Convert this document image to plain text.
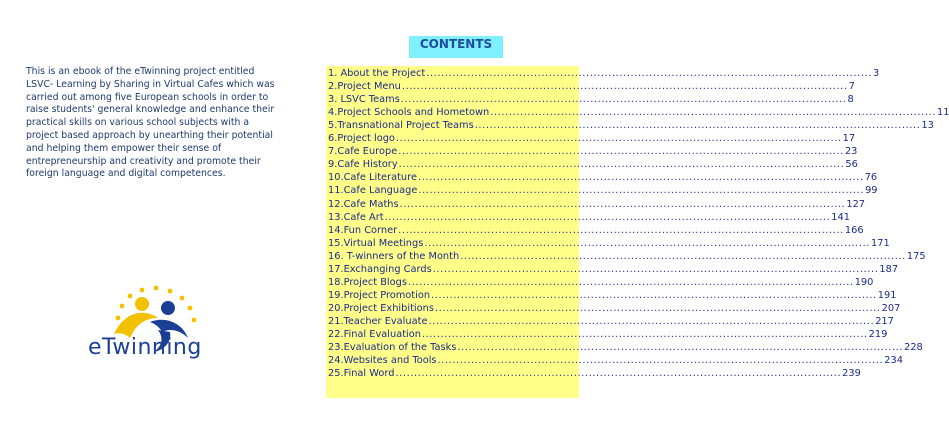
This is an ebook of the eTwinning project entitled LSVC- Learning by Sharing in Virtual Cafes which was carried out among five European schools in order to raise students' general knowledge and enhance their practical skills on various school subjects with a project based approach by unearthing their potential and helping them empower their sense of entrepreneurship and creativity and promote their foreign language and digital competences.
eTwinning
CONTENTS
1. About the Project ........................................................................................................................ 3
2.Project Menu ........................................................................................................................ 7
3. LSVC Teams ........................................................................................................................ 8
4.Project Schools and Hometown ........................................................................................................................ 11
5.Transnational Project Teams ........................................................................................................................ 13
6.Project logo ........................................................................................................................ 17
7.Cafe Europe ........................................................................................................................ 23
9.Cafe History ........................................................................................................................ 56
10.Cafe Literature ........................................................................................................................ 76
11.Cafe Language ........................................................................................................................ 99
12.Cafe Maths ........................................................................................................................ 127
13.Cafe Art ........................................................................................................................ 141
14.Fun Corner ........................................................................................................................ 166
15.Virtual Meetings ........................................................................................................................ 171
16. T-winners of the Month ........................................................................................................................ 175
17.Exchanging Cards ........................................................................................................................ 187
18.Project Blogs ........................................................................................................................ 190
19.Project Promotion ........................................................................................................................ 191
20.Project Exhibitions ........................................................................................................................ 207
21.Teacher Evaluate ........................................................................................................................ 217
22.Final Evaluation ........................................................................................................................ 219
23.Evaluation of the Tasks ........................................................................................................................ 228
24.Websites and Tools ........................................................................................................................ 234
25.Final Word ........................................................................................................................ 239
